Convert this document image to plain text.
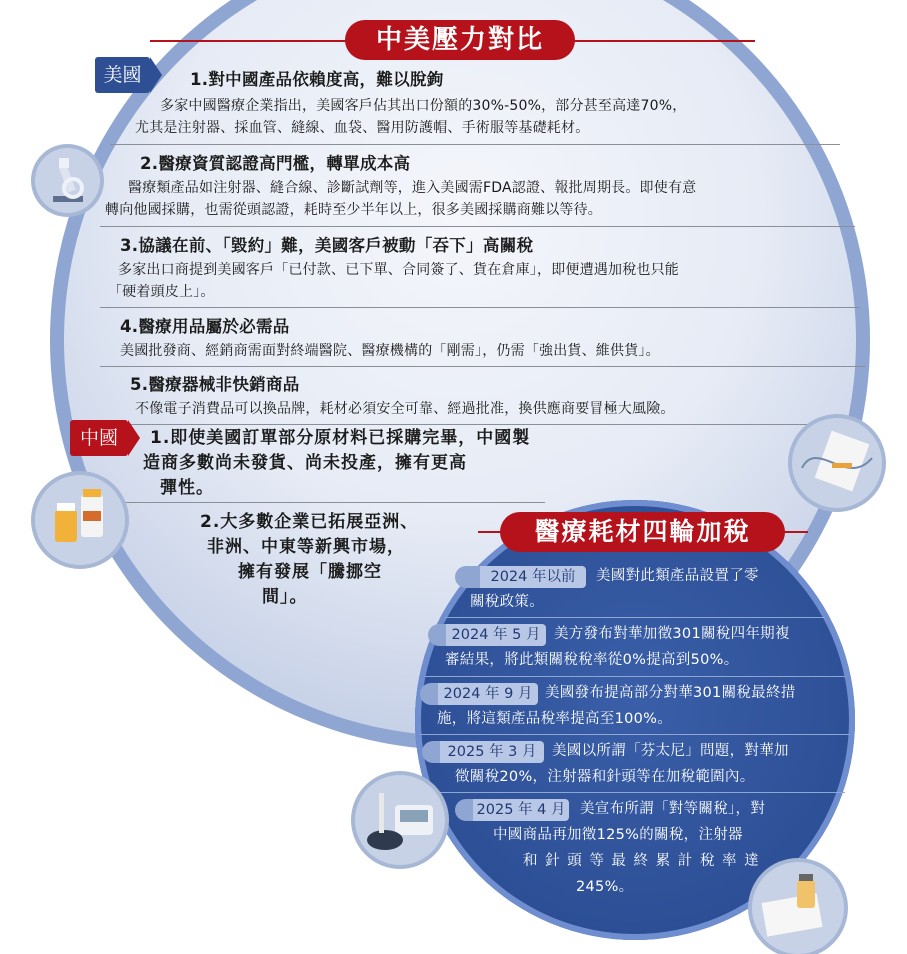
中美壓力對比
美國	1.對中國產品依賴度高，難以脫鉤
多家中國醫療企業指出，美國客戶佔其出口份額的30%-50%，部分甚至高達70%，
尤其是注射器、採血管、縫線、血袋、醫用防護帽、手術服等基礎耗材。
2.醫療資質認證高門檻，轉單成本高
醫療類產品如注射器、縫合線、診斷試劑等，進入美國需FDA認證、報批周期長。即使有意
轉向他國採購，也需從頭認證，耗時至少半年以上，很多美國採購商難以等待。
3.協議在前、「毀約」難，美國客戶被動「吞下」高關稅
多家出口商提到美國客戶「已付款、已下單、合同簽了、貨在倉庫」，即便遭遇加稅也只能
「硬着頭皮上」。
4.醫療用品屬於必需品
美國批發商、經銷商需面對終端醫院、醫療機構的「剛需」，仍需「強出貨、維供貨」。
5.醫療器械非快銷商品
不像電子消費品可以換品牌，耗材必須安全可靠、經過批准，換供應商要冒極大風險。
中國	1.即使美國訂單部分原材料已採購完畢，中國製
造商多數尚未發貨、尚未投產，擁有更高
彈性。
2.大多數企業已拓展亞洲、
非洲、中東等新興市場，
擁有發展「騰挪空
間」。
醫療耗材四輪加稅
2024 年以前	美國對此類產品設置了零
關稅政策。
2024 年 5 月 美方發布對華加徵301關稅四年期複
審結果，將此類關稅稅率從0%提高到50%。
2024 年 9 月 美國發布提高部分對華301關稅最終措
施，將這類產品稅率提高至100%。
2025 年 3 月	美國以所謂「芬太尼」問題，對華加
徵關稅20%，注射器和針頭等在加稅範圍內。
2025 年 4 月 美宣布所謂「對等關稅」，對
中國商品再加徵125%的關稅，注射器
和 針 頭 等 最 終 累 計 稅 率 達
245%。
